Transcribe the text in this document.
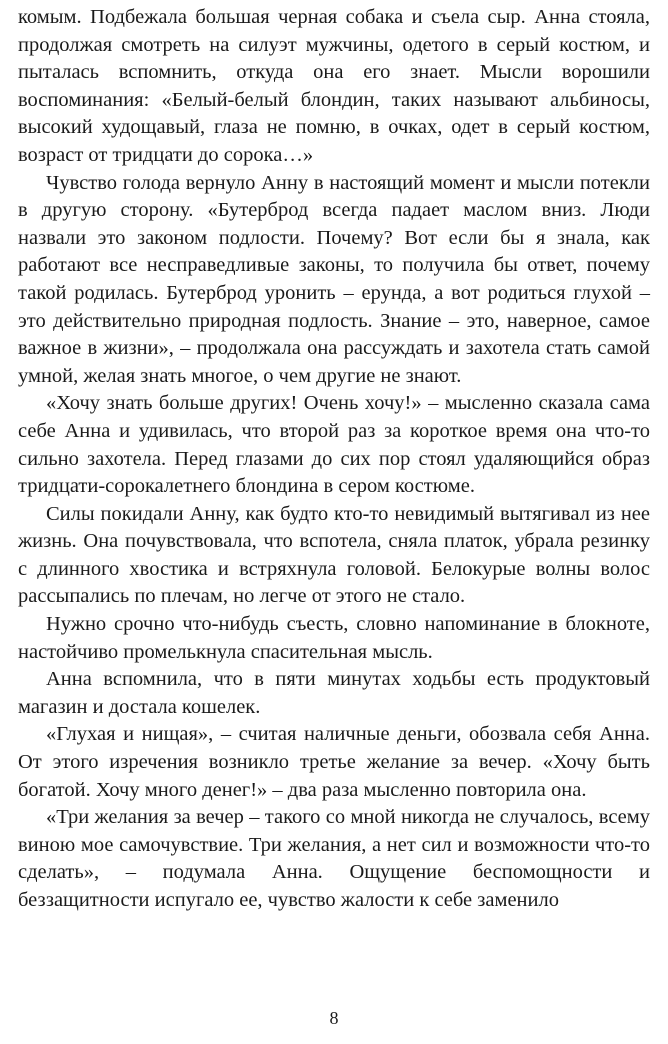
комым. Подбежала большая черная собака и съела сыр. Анна стояла, продолжая смотреть на силуэт мужчины, одетого в серый костюм, и пыталась вспомнить, откуда она его знает. Мысли ворошили воспоминания: «Белый-белый блондин, таких называют альбиносы, высокий худощавый, глаза не помню, в очках, одет в серый костюм, возраст от тридцати до сорока…»

Чувство голода вернуло Анну в настоящий момент и мысли потекли в другую сторону. «Бутерброд всегда падает маслом вниз. Люди назвали это законом подлости. Почему? Вот если бы я знала, как работают все несправедливые законы, то получила бы ответ, почему такой родилась. Бутерброд уронить – ерунда, а вот родиться глухой – это действительно природная подлость. Знание – это, наверное, самое важное в жизни», – продолжала она рассуждать и захотела стать самой умной, желая знать многое, о чем другие не знают.

«Хочу знать больше других! Очень хочу!» – мысленно сказала сама себе Анна и удивилась, что второй раз за короткое время она что-то сильно захотела. Перед глазами до сих пор стоял удаляющийся образ тридцати-сорокалетнего блондина в сером костюме.

Силы покидали Анну, как будто кто-то невидимый вытягивал из нее жизнь. Она почувствовала, что вспотела, сняла платок, убрала резинку с длинного хвостика и встряхнула головой. Белокурые волны волос рассыпались по плечам, но легче от этого не стало.

Нужно срочно что-нибудь съесть, словно напоминание в блокноте, настойчиво промелькнула спасительная мысль.

Анна вспомнила, что в пяти минутах ходьбы есть продуктовый магазин и достала кошелек.

«Глухая и нищая», – считая наличные деньги, обозвала себя Анна. От этого изречения возникло третье желание за вечер. «Хочу быть богатой. Хочу много денег!» – два раза мысленно повторила она.

«Три желания за вечер – такого со мной никогда не случалось, всему виною мое самочувствие. Три желания, а нет сил и возможности что-то сделать», – подумала Анна. Ощущение беспомощности и беззащитности испугало ее, чувство жалости к себе заменило

8
